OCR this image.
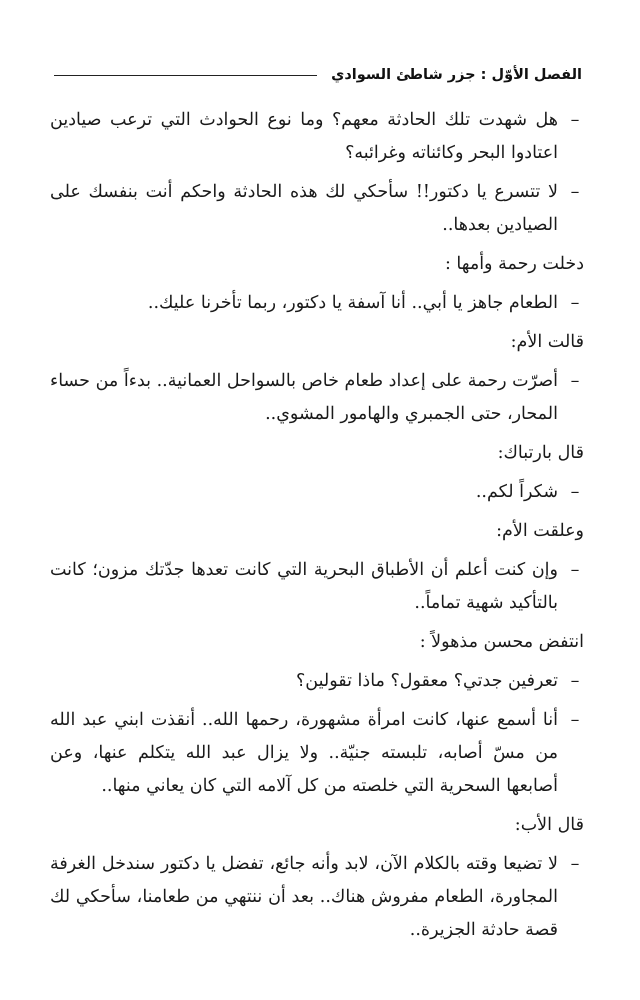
الفصل الأوّل : جزر شاطئ السوادي

–
هل شهدت تلك الحادثة معهم؟ وما نوع الحوادث التي ترعب صيادين اعتادوا البحر وكائناته وغرائبه؟

–
لا تتسرع يا دكتور!! سأحكي لك هذه الحادثة واحكم أنت بنفسك على الصيادين بعدها..

دخلت رحمة وأمها :

–
الطعام جاهز يا أبي.. أنا آسفة يا دكتور، ربما تأخرنا عليك..

قالت الأم:

–
أصرّت رحمة على إعداد طعام خاص بالسواحل العمانية.. بدءاً من حساء المحار، حتى الجمبري والهامور المشوي..

قال بارتباك:

–
شكراً لكم..

وعلقت الأم:

–
وإن كنت أعلم أن الأطباق البحرية التي كانت تعدها جدّتك مزون؛ كانت بالتأكيد شهية تماماً..

انتفض محسن مذهولاً :

–
تعرفين جدتي؟ معقول؟ ماذا تقولين؟

–
أنا أسمع عنها، كانت امرأة مشهورة، رحمها الله.. أنقذت ابني عبد الله من مسّ أصابه، تلبسته جنيّة.. ولا يزال عبد الله يتكلم عنها، وعن أصابعها السحرية التي خلصته من كل آلامه التي كان يعاني منها..

قال الأب:

–
لا تضيعا وقته بالكلام الآن، لابد وأنه جائع، تفضل يا دكتور سندخل الغرفة المجاورة، الطعام مفروش هناك.. بعد أن ننتهي من طعامنا، سأحكي لك قصة حادثة الجزيرة..
